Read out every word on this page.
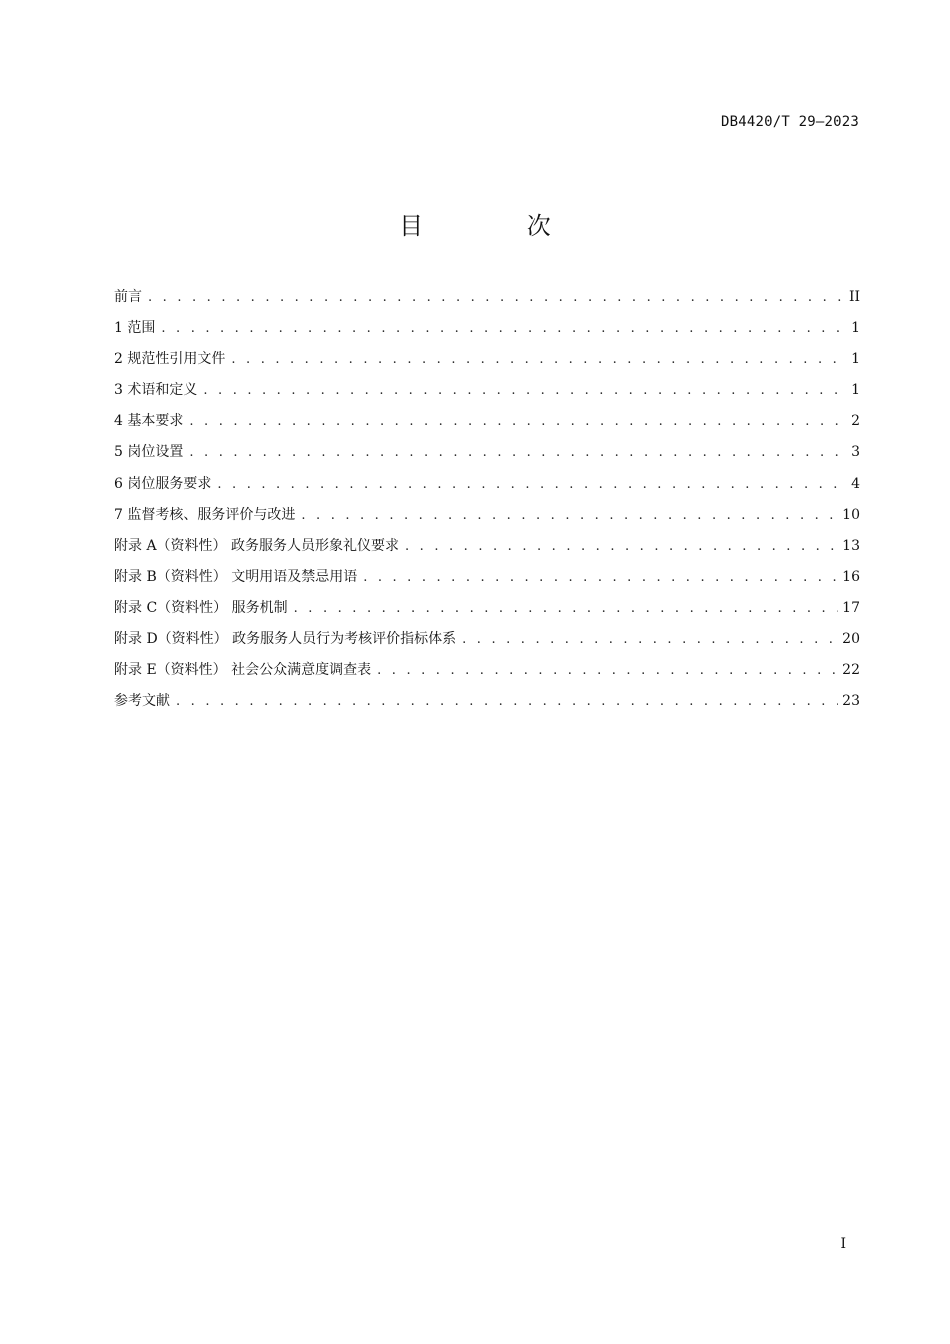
DB4420/T 29—2023
目 次
前言 . . .	II
1 范围 . . .	1
2 规范性引用文件 . . .	1
3 术语和定义 . . .	1
4 基本要求 . . .	2
5 岗位设置 . . .	3
6 岗位服务要求 . . .	4
7 监督考核、服务评价与改进 . . .	10
附录 A（资料性） 政务服务人员形象礼仪要求 . . .	13
附录 B（资料性） 文明用语及禁忌用语 . . .	16
附录 C（资料性） 服务机制 . . .	17
附录 D（资料性） 政务服务人员行为考核评价指标体系 . . .	20
附录 E（资料性） 社会公众满意度调查表 . . .	22
参考文献 . . .	23
I
